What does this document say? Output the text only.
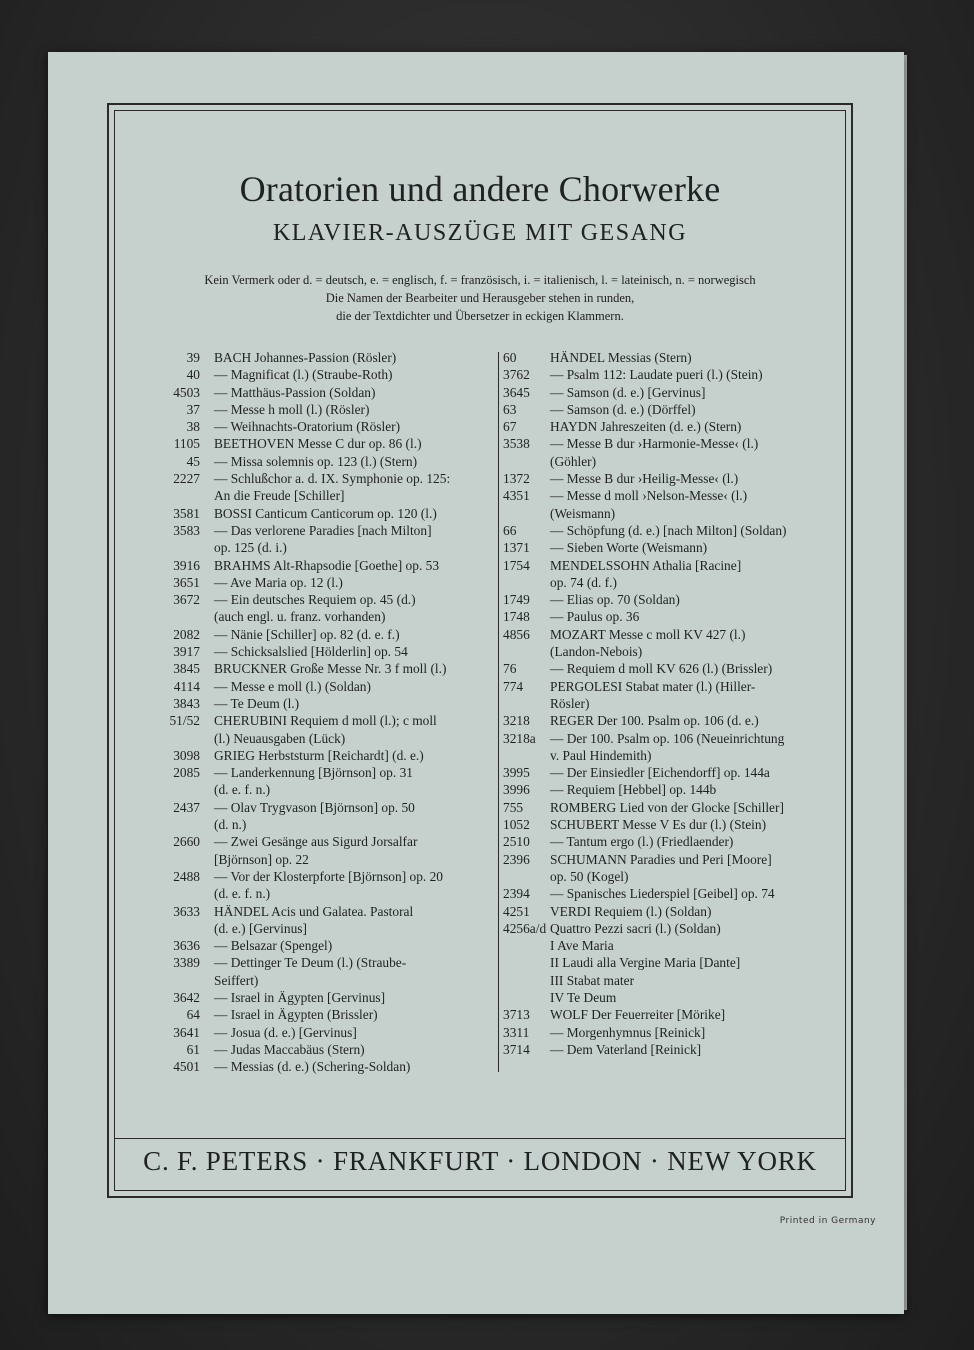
Oratorien und andere Chorwerke
KLAVIER-AUSZÜGE MIT GESANG
Kein Vermerk oder d. = deutsch, e. = englisch, f. = französisch, i. = italienisch, l. = lateinisch, n. = norwegisch
Die Namen der Bearbeiter und Herausgeber stehen in runden,
die der Textdichter und Übersetzer in eckigen Klammern.
39	BACH Johannes-Passion (Rösler)
40	— Magnificat (l.) (Straube-Roth)
4503	— Matthäus-Passion (Soldan)
37	— Messe h moll (l.) (Rösler)
38	— Weihnachts-Oratorium (Rösler)
1105	BEETHOVEN Messe C dur op. 86 (l.)
45	— Missa solemnis op. 123 (l.) (Stern)
2227	— Schlußchor a. d. IX. Symphonie op. 125:
An die Freude [Schiller]
3581	BOSSI Canticum Canticorum op. 120 (l.)
3583	— Das verlorene Paradies [nach Milton]
op. 125 (d. i.)
3916	BRAHMS Alt-Rhapsodie [Goethe] op. 53
3651	— Ave Maria op. 12 (l.)
3672	— Ein deutsches Requiem op. 45 (d.)
(auch engl. u. franz. vorhanden)
2082	— Nänie [Schiller] op. 82 (d. e. f.)
3917	— Schicksalslied [Hölderlin] op. 54
3845	BRUCKNER Große Messe Nr. 3 f moll (l.)
4114	— Messe e moll (l.) (Soldan)
3843	— Te Deum (l.)
51/52	CHERUBINI Requiem d moll (l.); c moll
(l.) Neuausgaben (Lück)
3098	GRIEG Herbststurm [Reichardt] (d. e.)
2085	— Landerkennung [Björnson] op. 31
(d. e. f. n.)
2437	— Olav Trygvason [Björnson] op. 50
(d. n.)
2660	— Zwei Gesänge aus Sigurd Jorsalfar
[Björnson] op. 22
2488	— Vor der Klosterpforte [Björnson] op. 20
(d. e. f. n.)
3633	HÄNDEL Acis und Galatea. Pastoral
(d. e.) [Gervinus]
3636	— Belsazar (Spengel)
3389	— Dettinger Te Deum (l.) (Straube-
Seiffert)
3642	— Israel in Ägypten [Gervinus]
64	— Israel in Ägypten (Brissler)
3641	— Josua (d. e.) [Gervinus]
61	— Judas Maccabäus (Stern)
4501	— Messias (d. e.) (Schering-Soldan)
60	HÄNDEL Messias (Stern)
3762	— Psalm 112: Laudate pueri (l.) (Stein)
3645	— Samson (d. e.) [Gervinus]
63	— Samson (d. e.) (Dörffel)
67	HAYDN Jahreszeiten (d. e.) (Stern)
3538	— Messe B dur ›Harmonie-Messe‹ (l.)
(Göhler)
1372	— Messe B dur ›Heilig-Messe‹ (l.)
4351	— Messe d moll ›Nelson-Messe‹ (l.)
(Weismann)
66	— Schöpfung (d. e.) [nach Milton] (Soldan)
1371	— Sieben Worte (Weismann)
1754	MENDELSSOHN Athalia [Racine]
op. 74 (d. f.)
1749	— Elias op. 70 (Soldan)
1748	— Paulus op. 36
4856	MOZART Messe c moll KV 427 (l.)
(Landon-Nebois)
76	— Requiem d moll KV 626 (l.) (Brissler)
774	PERGOLESI Stabat mater (l.) (Hiller-
Rösler)
3218	REGER Der 100. Psalm op. 106 (d. e.)
3218a	— Der 100. Psalm op. 106 (Neueinrichtung
v. Paul Hindemith)
3995	— Der Einsiedler [Eichendorff] op. 144a
3996	— Requiem [Hebbel] op. 144b
755	ROMBERG Lied von der Glocke [Schiller]
1052	SCHUBERT Messe V Es dur (l.) (Stein)
2510	— Tantum ergo (l.) (Friedlaender)
2396	SCHUMANN Paradies und Peri [Moore]
op. 50 (Kogel)
2394	— Spanisches Liederspiel [Geibel] op. 74
4251	VERDI Requiem (l.) (Soldan)
4256a/d Quattro Pezzi sacri (l.) (Soldan)
I Ave Maria
II Laudi alla Vergine Maria [Dante]
III Stabat mater
IV Te Deum
3713	WOLF Der Feuerreiter [Mörike]
3311	— Morgenhymnus [Reinick]
3714	— Dem Vaterland [Reinick]
C. F. PETERS · FRANKFURT · LONDON · NEW YORK
Printed in Germany
